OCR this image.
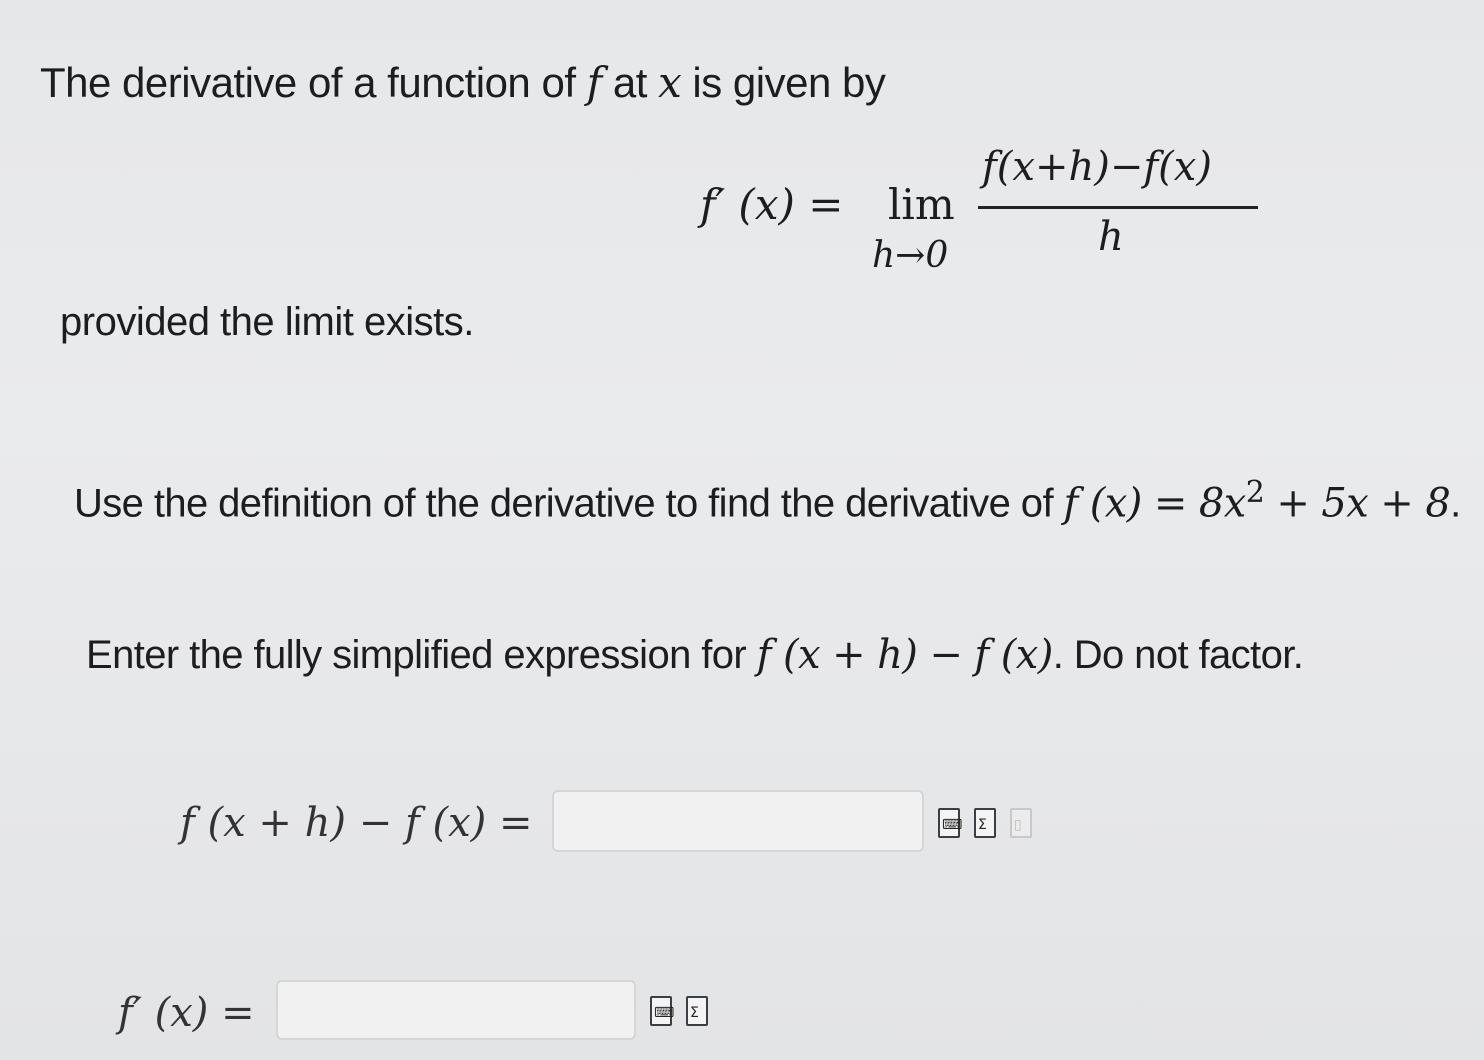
The derivative of a function of f at x is given by
f′ (x) = lim
h→0
f(x+h)−f(x)
h
provided the limit exists.
Use the definition of the derivative to find the derivative of f $(x) = 8x^2 + 5x + 8$.
Enter the fully simplified expression for f (x + h) − f (x). Do not factor.
f (x + h) − f (x) =	⌨ Σ ▯
f′ (x) =	⌨ Σ
